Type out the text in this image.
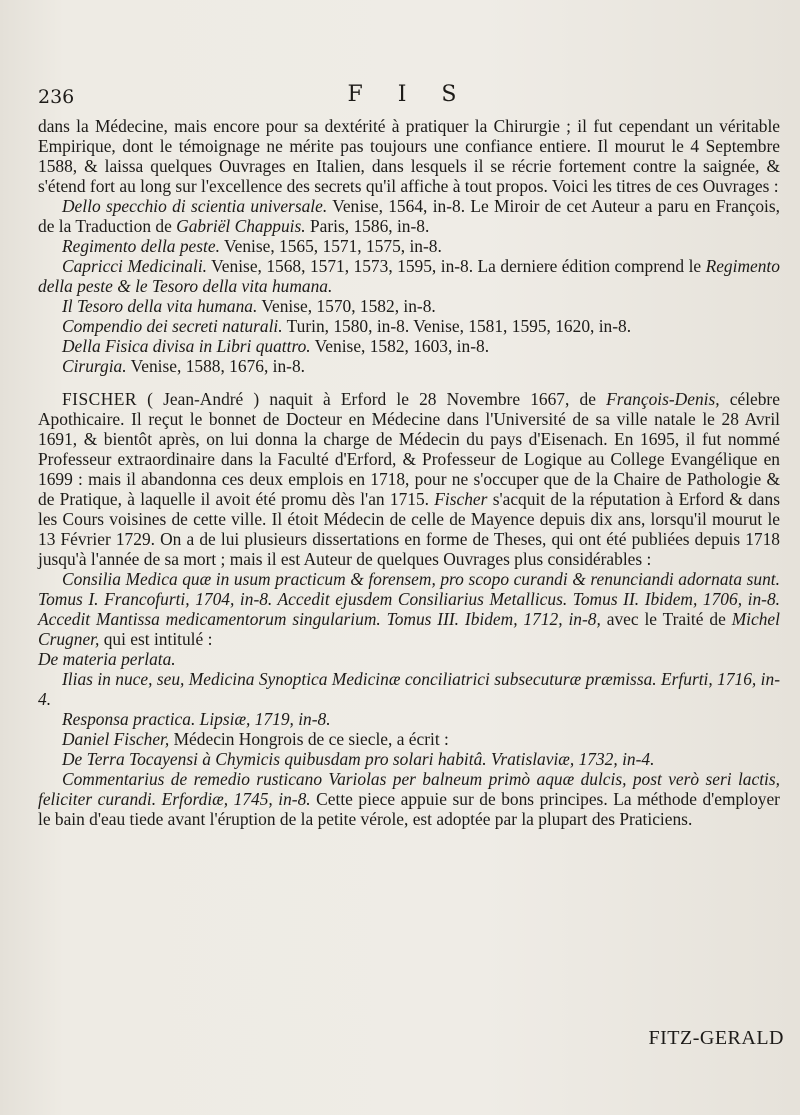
236	F I S

dans la Médecine, mais encore pour sa dextérité à pratiquer la Chirurgie ; il fut cependant un véritable Empirique, dont le témoignage ne mérite pas toujours une confiance entiere. Il mourut le 4 Septembre 1588, & laissa quelques Ouvrages en Italien, dans lesquels il se récrie fortement contre la saignée, & s'étend fort au long sur l'excellence des secrets qu'il affiche à tout propos. Voici les titres de ces Ouvrages :

Dello specchio di scientia universale. Venise, 1564, in-8. Le Miroir de cet Auteur a paru en François, de la Traduction de Gabriël Chappuis. Paris, 1586, in-8.

Regimento della peste. Venise, 1565, 1571, 1575, in-8.

Capricci Medicinali. Venise, 1568, 1571, 1573, 1595, in-8. La derniere édition comprend le Regimento della peste & le Tesoro della vita humana.

Il Tesoro della vita humana. Venise, 1570, 1582, in-8.

Compendio dei secreti naturali. Turin, 1580, in-8. Venise, 1581, 1595, 1620, in-8.

Della Fisica divisa in Libri quattro. Venise, 1582, 1603, in-8.

Cirurgia. Venise, 1588, 1676, in-8.

FISCHER ( Jean-André ) naquit à Erford le 28 Novembre 1667, de François-Denis, célebre Apothicaire. Il reçut le bonnet de Docteur en Médecine dans l'Université de sa ville natale le 28 Avril 1691, & bientôt après, on lui donna la charge de Médecin du pays d'Eisenach. En 1695, il fut nommé Professeur extraordinaire dans la Faculté d'Erford, & Professeur de Logique au College Evangélique en 1699 : mais il abandonna ces deux emplois en 1718, pour ne s'occuper que de la Chaire de Pathologie & de Pratique, à laquelle il avoit été promu dès l'an 1715. Fischer s'acquit de la réputation à Erford & dans les Cours voisines de cette ville. Il étoit Médecin de celle de Mayence depuis dix ans, lorsqu'il mourut le 13 Février 1729. On a de lui plusieurs dissertations en forme de Theses, qui ont été publiées depuis 1718 jusqu'à l'année de sa mort ; mais il est Auteur de quelques Ouvrages plus considérables :

Consilia Medica quæ in usum practicum & forensem, pro scopo curandi & renunciandi adornata sunt. Tomus I. Francofurti, 1704, in-8. Accedit ejusdem Consiliarius Metallicus. Tomus II. Ibidem, 1706, in-8. Accedit Mantissa medicamentorum singularium. Tomus III. Ibidem, 1712, in-8, avec le Traité de Michel Crugner, qui est intitulé :
De materia perlata.

Ilias in nuce, seu, Medicina Synoptica Medicinæ conciliatrici subsecuturæ præmissa. Erfurti, 1716, in-4.

Responsa practica. Lipsiæ, 1719, in-8.

Daniel Fischer, Médecin Hongrois de ce siecle, a écrit :

De Terra Tocayensi à Chymicis quibusdam pro solari habitâ. Vratislaviæ, 1732, in-4.

Commentarius de remedio rusticano Variolas per balneum primò aquæ dulcis, post verò seri lactis, feliciter curandi. Erfordiæ, 1745, in-8. Cette piece appuie sur de bons principes. La méthode d'employer le bain d'eau tiede avant l'éruption de la petite vérole, est adoptée par la plupart des Praticiens.

FITZ-GERALD
